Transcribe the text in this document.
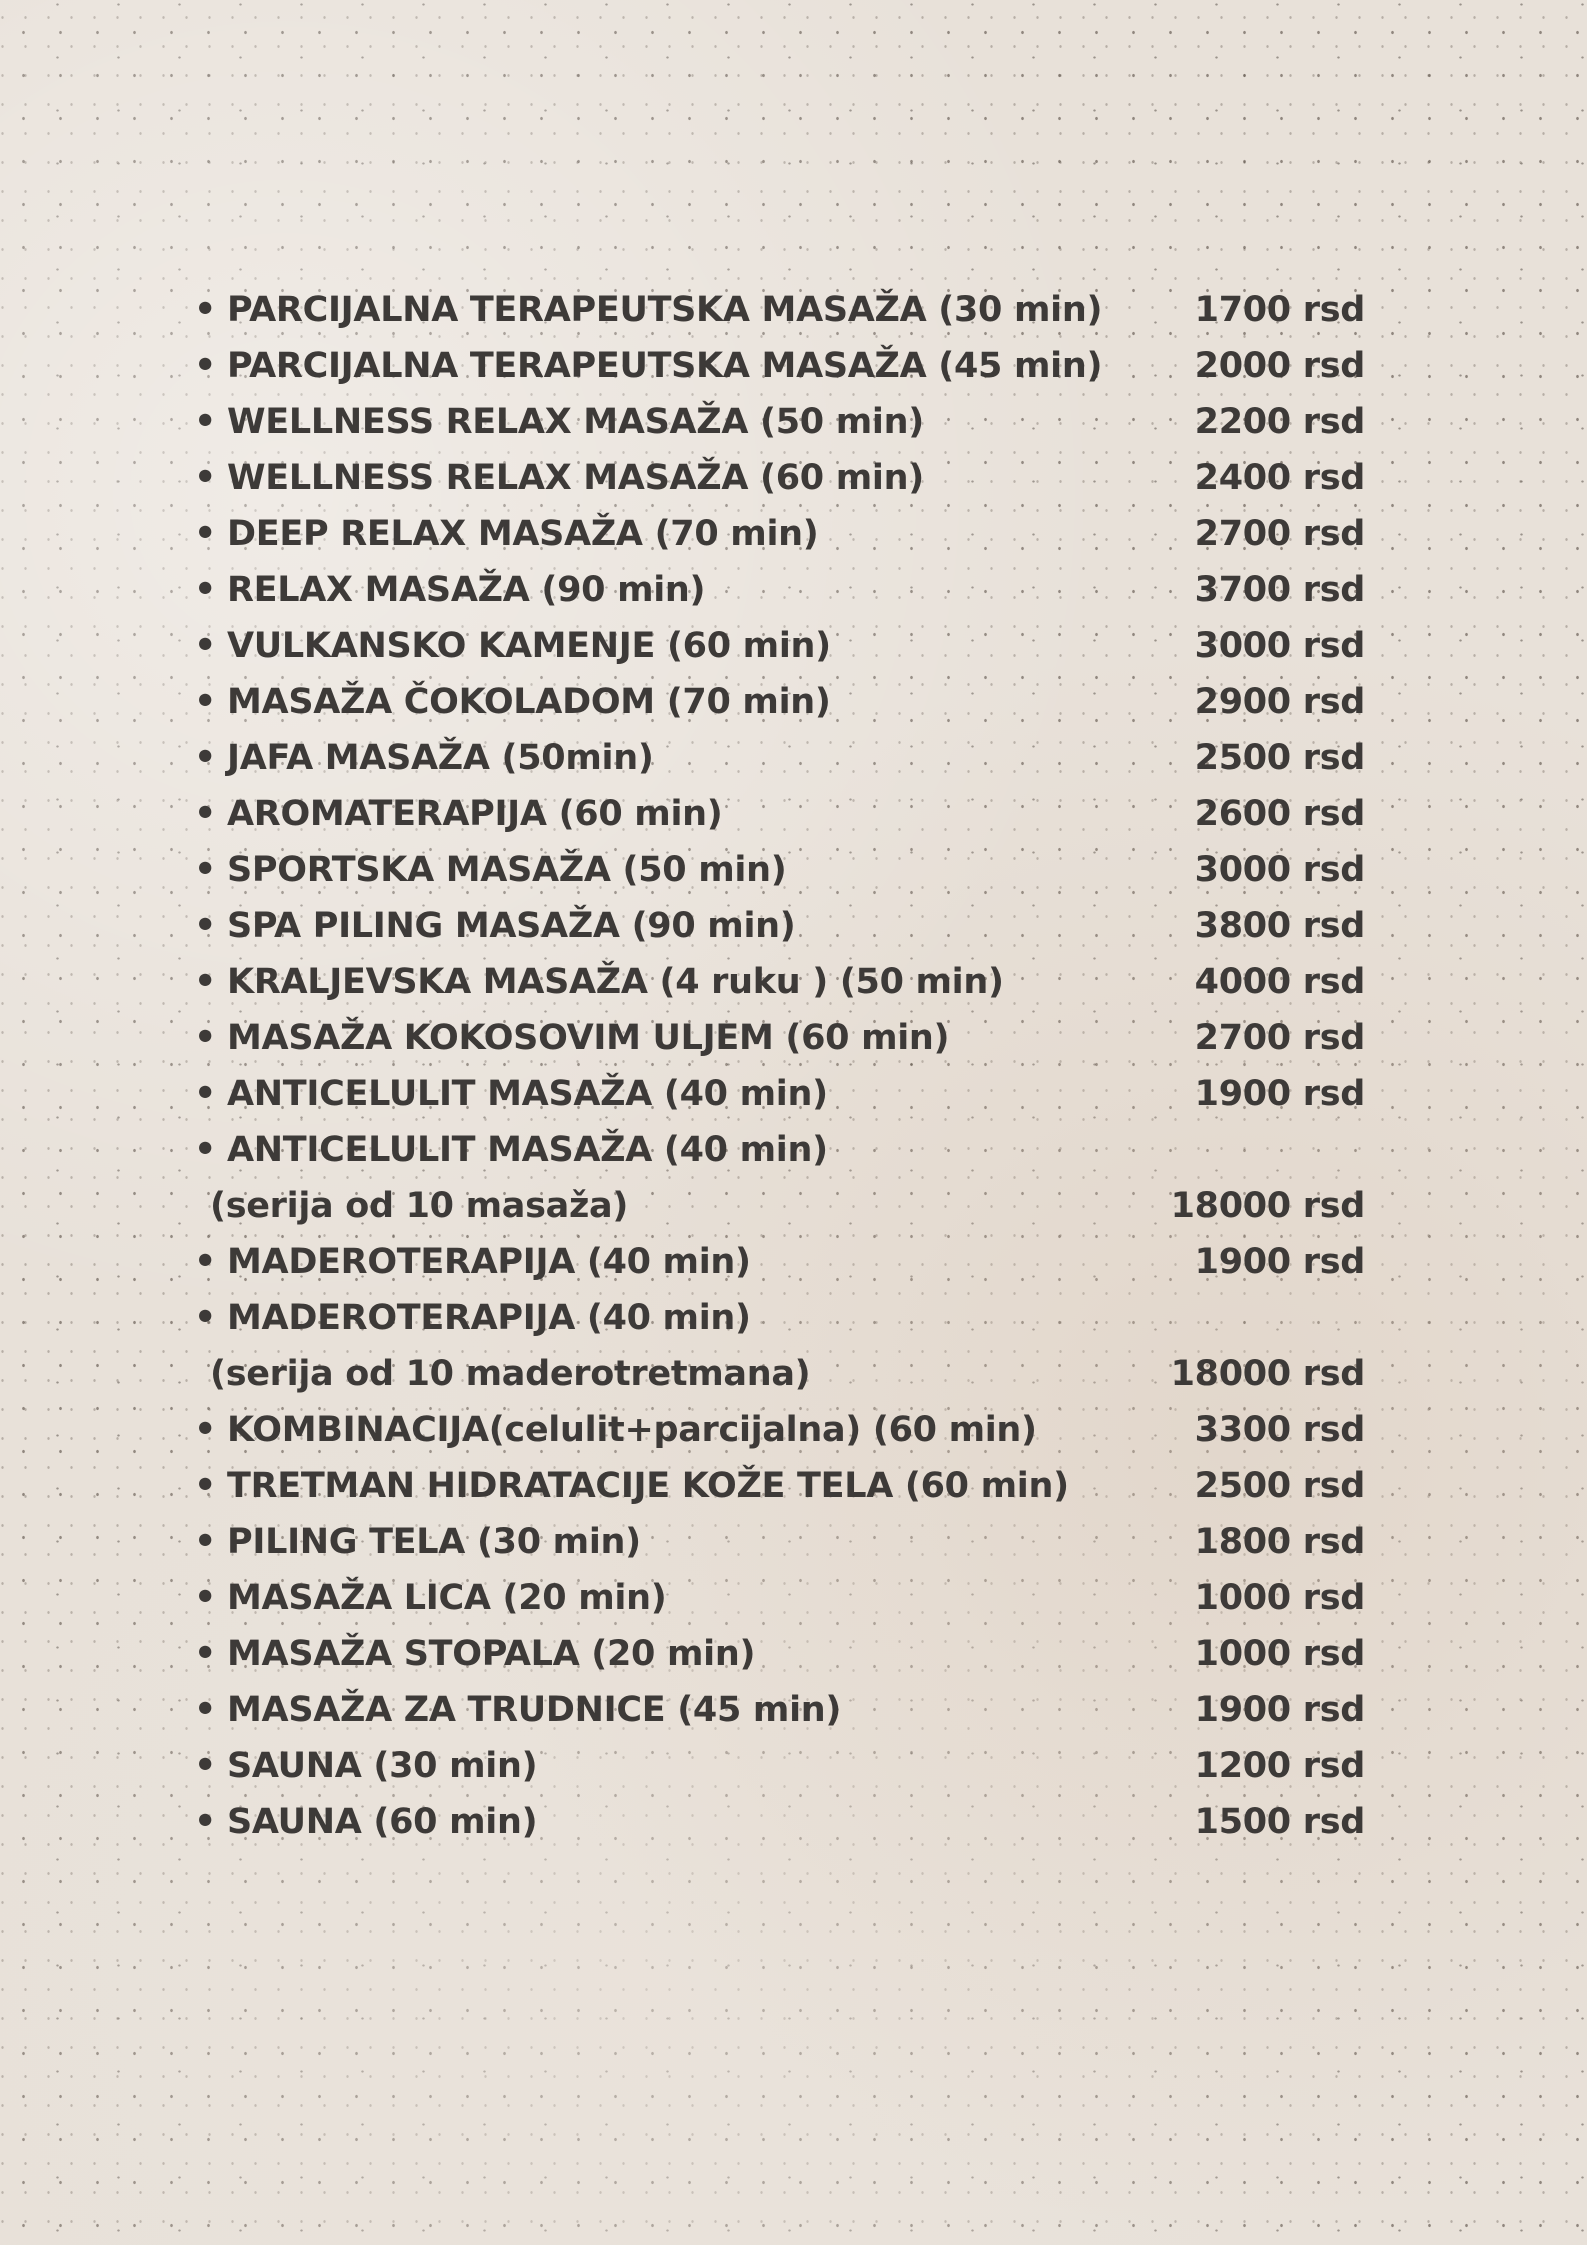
• PARCIJALNA TERAPEUTSKA MASAŽA (30 min)	1700 rsd
• PARCIJALNA TERAPEUTSKA MASAŽA (45 min)	2000 rsd
• WELLNESS RELAX MASAŽA (50 min)	2200 rsd
• WELLNESS RELAX MASAŽA (60 min)	2400 rsd
• DEEP RELAX MASAŽA (70 min)	2700 rsd
• RELAX MASAŽA (90 min)	3700 rsd
• VULKANSKO KAMENJE (60 min)	3000 rsd
• MASAŽA ČOKOLADOM (70 min)	2900 rsd
• JAFA MASAŽA (50min)	2500 rsd
• AROMATERAPIJA (60 min)	2600 rsd
• SPORTSKA MASAŽA (50 min)	3000 rsd
• SPA PILING MASAŽA (90 min)	3800 rsd
• KRALJEVSKA MASAŽA (4 ruku ) (50 min)	4000 rsd
• MASAŽA KOKOSOVIM ULJEM (60 min)	2700 rsd
• ANTICELULIT MASAŽA (40 min)	1900 rsd
• ANTICELULIT MASAŽA (40 min)
(serija od 10 masaža)	18000 rsd
• MADEROTERAPIJA (40 min)	1900 rsd
• MADEROTERAPIJA (40 min)
(serija od 10 maderotretmana)	18000 rsd
• KOMBINACIJA(celulit+parcijalna) (60 min)	3300 rsd
• TRETMAN HIDRATACIJE KOŽE TELA (60 min)	2500 rsd
• PILING TELA (30 min)	1800 rsd
• MASAŽA LICA (20 min)	1000 rsd
• MASAŽA STOPALA (20 min)	1000 rsd
• MASAŽA ZA TRUDNICE (45 min)	1900 rsd
• SAUNA (30 min)	1200 rsd
• SAUNA (60 min)	1500 rsd
